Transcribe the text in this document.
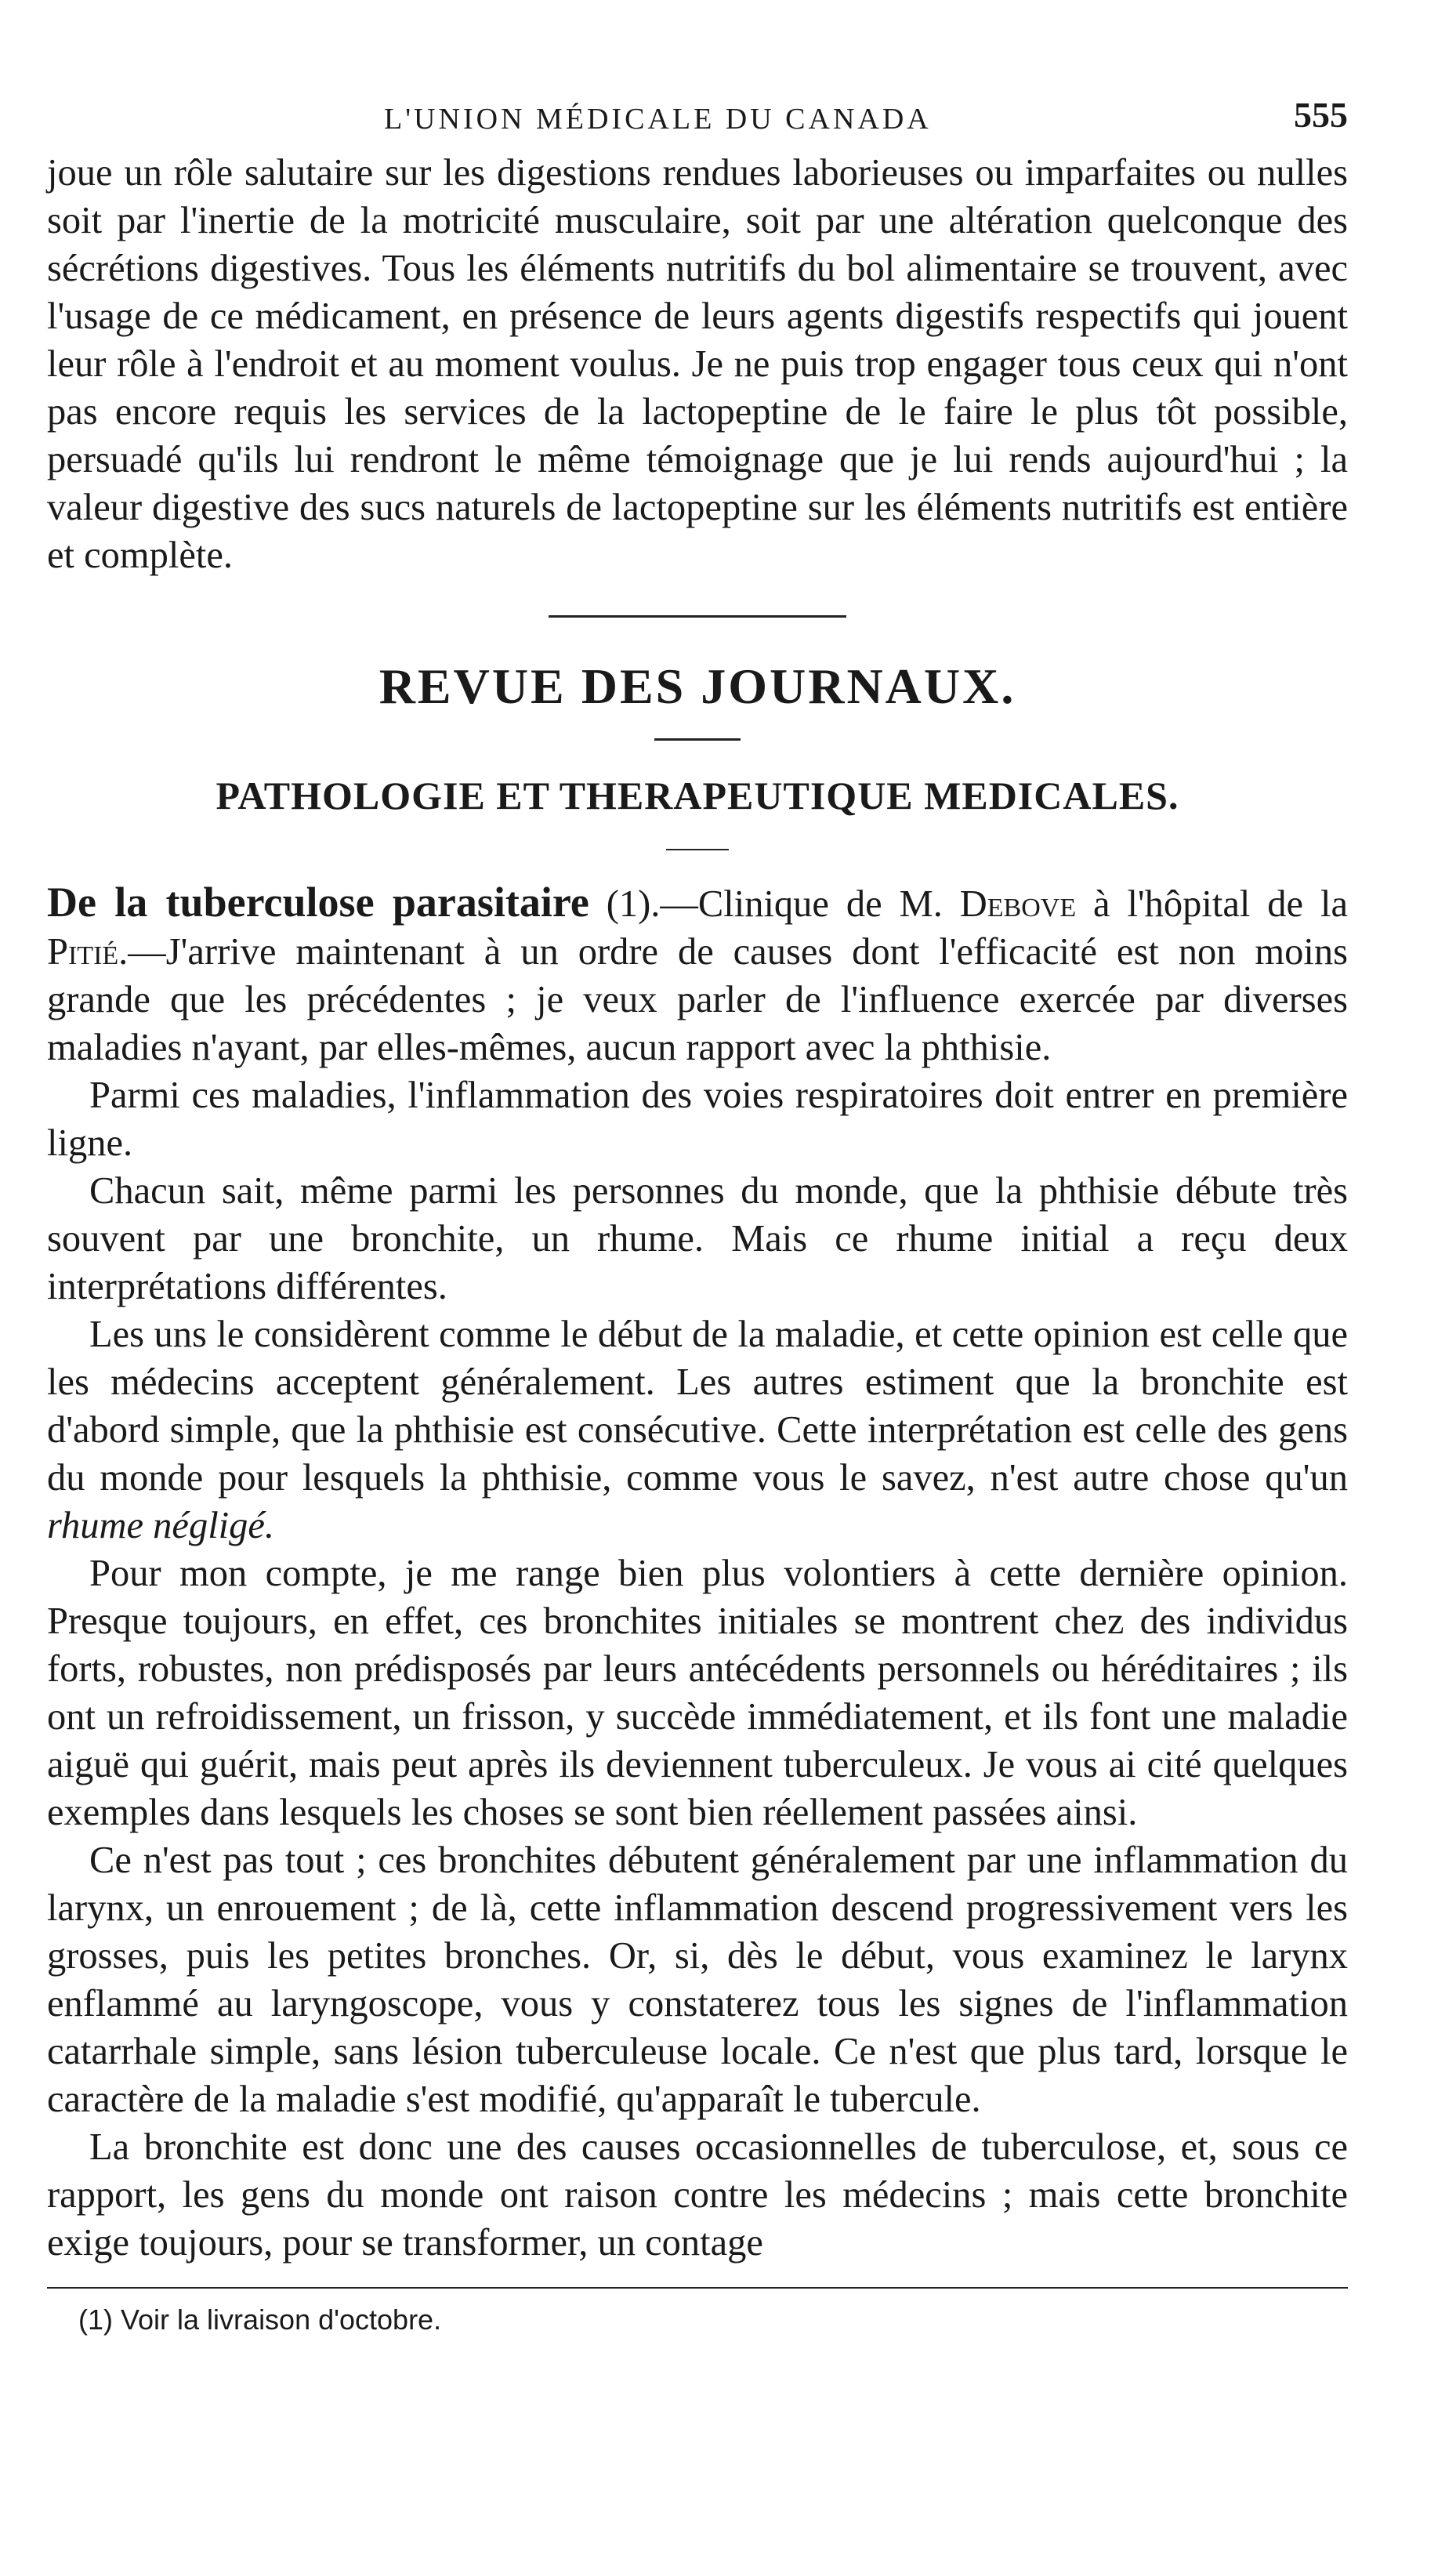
L'UNION MÉDICALE DU CANADA	555

joue un rôle salutaire sur les digestions rendues laborieuses ou imparfaites ou nulles soit par l'inertie de la motricité musculaire, soit par une altération quelconque des sécrétions digestives. Tous les éléments nutritifs du bol alimentaire se trouvent, avec l'usage de ce médicament, en présence de leurs agents digestifs respectifs qui jouent leur rôle à l'endroit et au moment voulus. Je ne puis trop engager tous ceux qui n'ont pas encore requis les services de la lactopeptine de le faire le plus tôt possible, persuadé qu'ils lui rendront le même témoignage que je lui rends aujourd'hui ; la valeur digestive des sucs naturels de lactopeptine sur les éléments nutritifs est entière et complète.

REVUE DES JOURNAUX.
PATHOLOGIE ET THERAPEUTIQUE MEDICALES.

De la tuberculose parasitaire (1).—Clinique de M. Debove à l'hôpital de la Pitié.—J'arrive maintenant à un ordre de causes dont l'efficacité est non moins grande que les précédentes ; je veux parler de l'influence exercée par diverses maladies n'ayant, par elles-mêmes, aucun rapport avec la phthisie.

Parmi ces maladies, l'inflammation des voies respiratoires doit entrer en première ligne.

Chacun sait, même parmi les personnes du monde, que la phthisie débute très souvent par une bronchite, un rhume. Mais ce rhume initial a reçu deux interprétations différentes.

Les uns le considèrent comme le début de la maladie, et cette opinion est celle que les médecins acceptent généralement. Les autres estiment que la bronchite est d'abord simple, que la phthisie est consécutive. Cette interprétation est celle des gens du monde pour lesquels la phthisie, comme vous le savez, n'est autre chose qu'un rhume négligé.

Pour mon compte, je me range bien plus volontiers à cette dernière opinion. Presque toujours, en effet, ces bronchites initiales se montrent chez des individus forts, robustes, non prédisposés par leurs antécédents personnels ou héréditaires ; ils ont un refroidissement, un frisson, y succède immédiatement, et ils font une maladie aiguë qui guérit, mais peut après ils deviennent tuberculeux. Je vous ai cité quelques exemples dans lesquels les choses se sont bien réellement passées ainsi.

Ce n'est pas tout ; ces bronchites débutent généralement par une inflammation du larynx, un enrouement ; de là, cette inflammation descend progressivement vers les grosses, puis les petites bronches. Or, si, dès le début, vous examinez le larynx enflammé au laryngoscope, vous y constaterez tous les signes de l'inflammation catarrhale simple, sans lésion tuberculeuse locale. Ce n'est que plus tard, lorsque le caractère de la maladie s'est modifié, qu'apparaît le tubercule.

La bronchite est donc une des causes occasionnelles de tuberculose, et, sous ce rapport, les gens du monde ont raison contre les médecins ; mais cette bronchite exige toujours, pour se transformer, un contage

(1) Voir la livraison d'octobre.
